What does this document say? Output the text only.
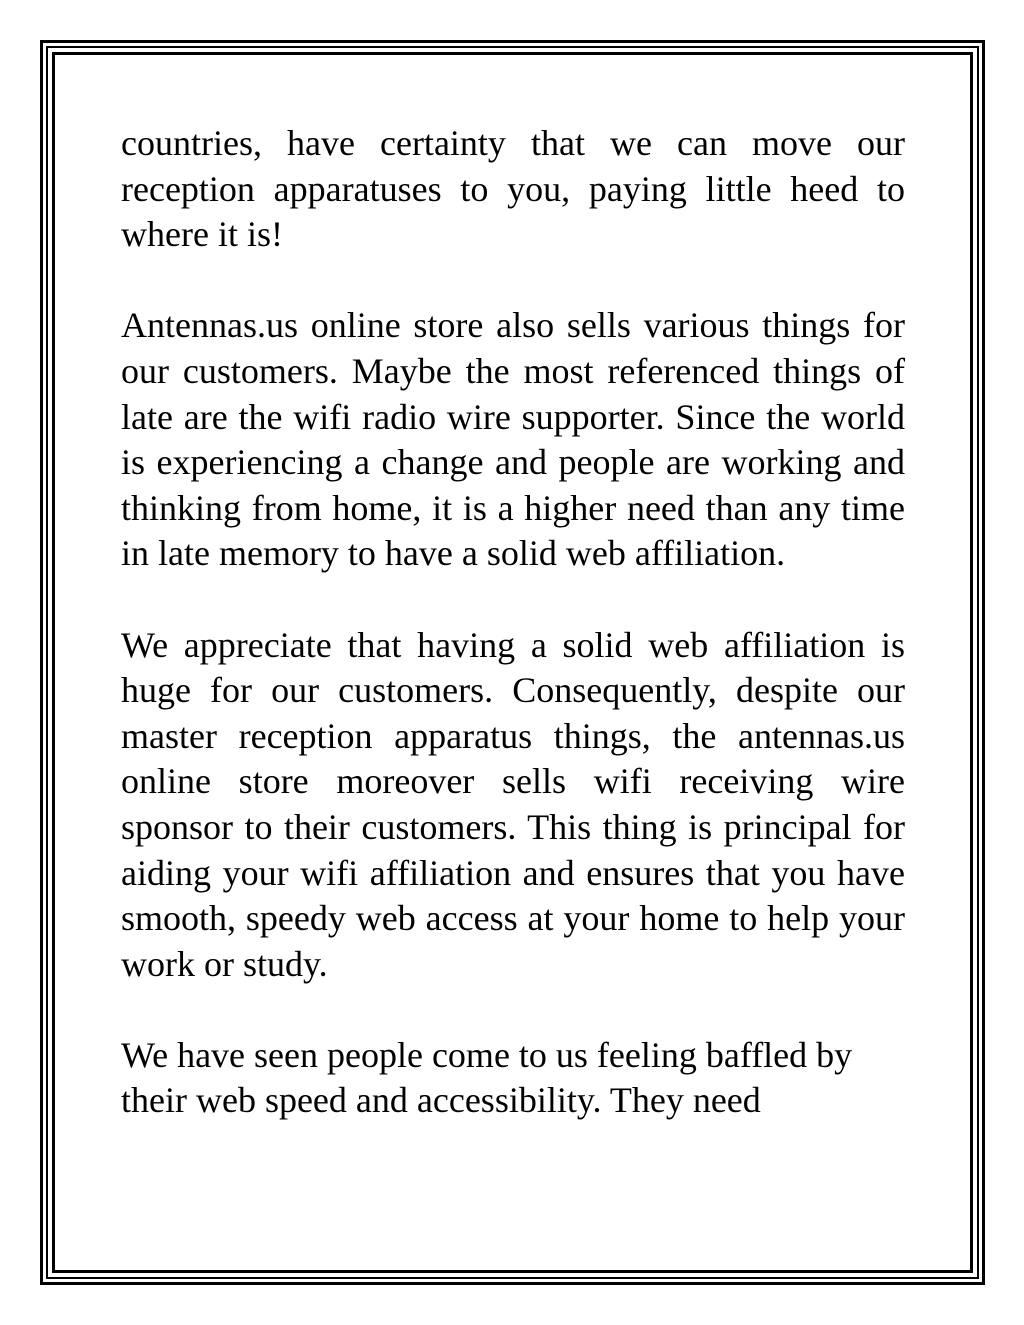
countries, have certainty that we can move our reception apparatuses to you, paying little heed to where it is!

Antennas.us online store also sells various things for our customers. Maybe the most referenced things of late are the wifi radio wire supporter. Since the world is experiencing a change and people are working and thinking from home, it is a higher need than any time in late memory to have a solid web affiliation.

We appreciate that having a solid web affiliation is huge for our customers. Consequently, despite our master reception apparatus things, the antennas.us online store moreover sells wifi receiving wire sponsor to their customers. This thing is principal for aiding your wifi affiliation and ensures that you have smooth, speedy web access at your home to help your work or study.

We have seen people come to us feeling baffled by their web speed and accessibility. They need
